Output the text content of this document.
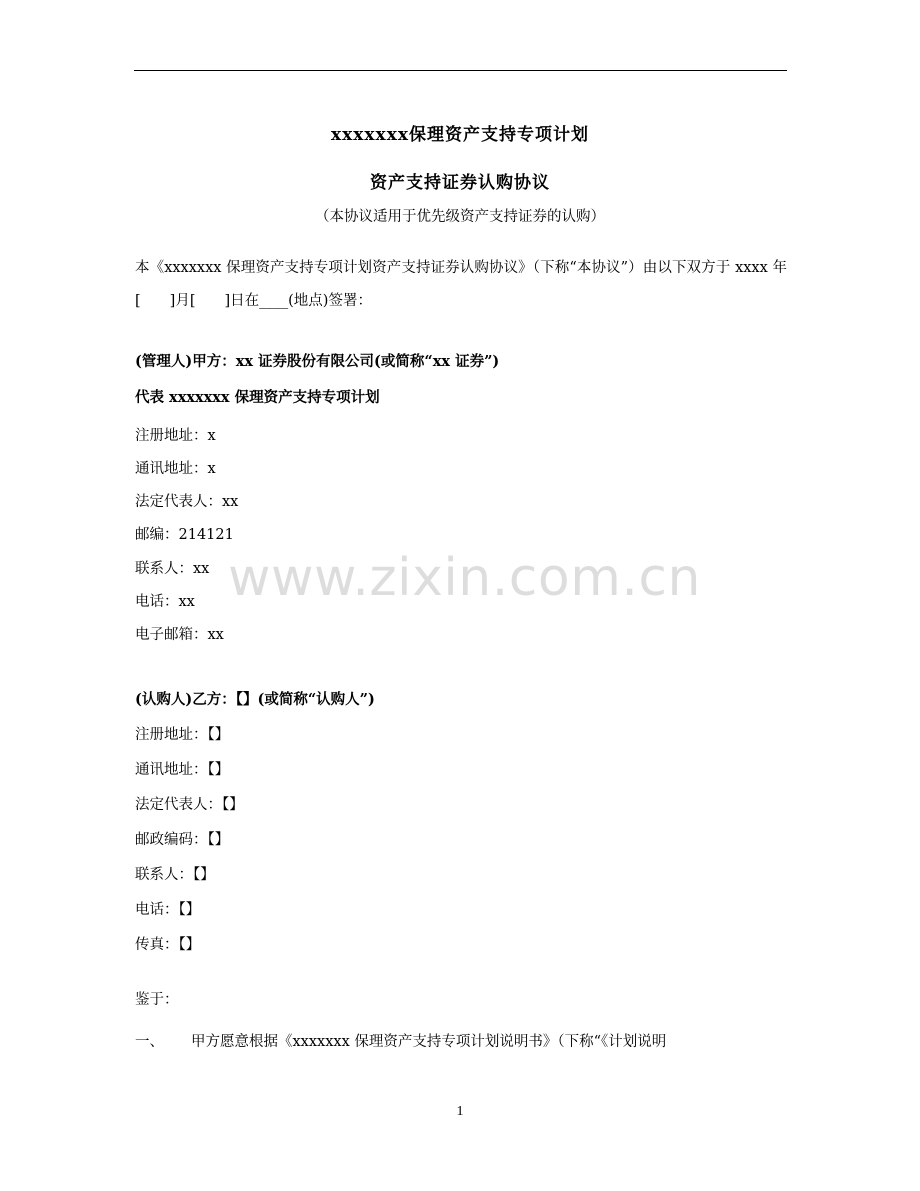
xxxxxxx保理资产支持专项计划
资产支持证券认购协议
（本协议适用于优先级资产支持证券的认购）
本《xxxxxxx 保理资产支持专项计划资产支持证券认购协议》（下称“本协议”）由以下双方于 xxxx 年[　　]月[　　]日在____(地点)签署：
(管理人)甲方：xx 证券股份有限公司(或简称“xx 证券”)
代表 xxxxxxx 保理资产支持专项计划
注册地址：x
通讯地址：x
法定代表人：xx
邮编：214121
联系人：xx
电话：xx
电子邮箱：xx
(认购人)乙方：【】(或简称“认购人”)
注册地址：【】
通讯地址：【】
法定代表人：【】
邮政编码：【】
联系人：【】
电话：【】
传真：【】
鉴于：
一、 甲方愿意根据《xxxxxxx 保理资产支持专项计划说明书》（下称“《计划说明
www.zixin.com.cn
1
